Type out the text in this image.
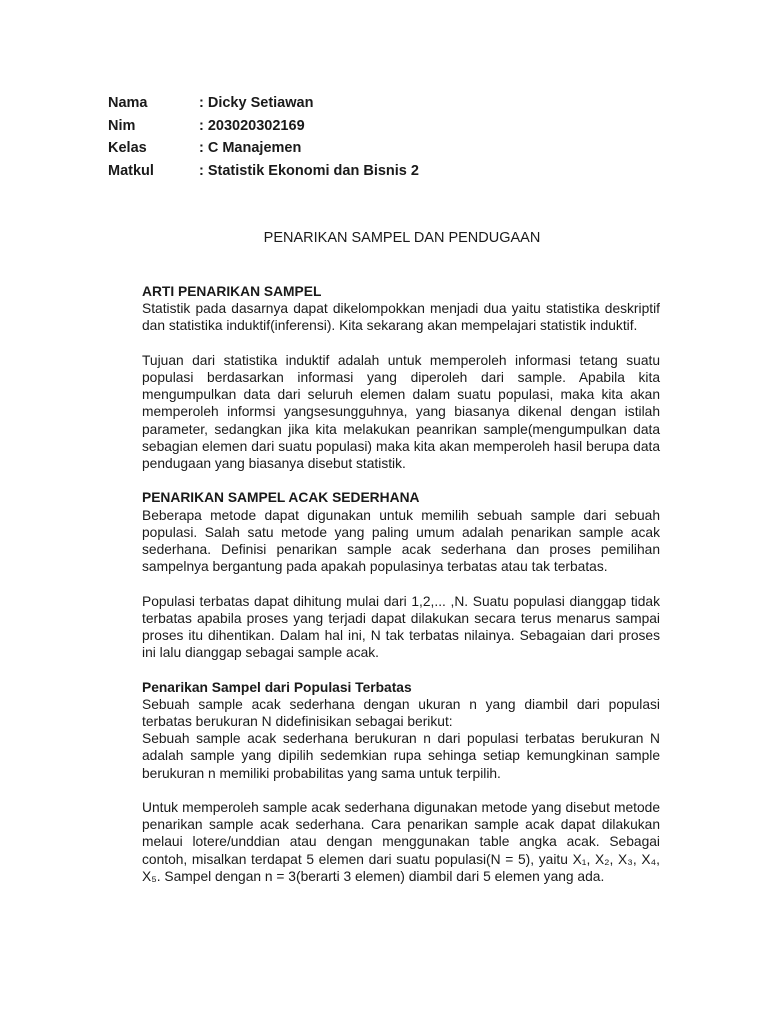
Nama	: Dicky Setiawan
Nim	: 203020302169
Kelas	: C Manajemen
Matkul	: Statistik Ekonomi dan Bisnis 2
PENARIKAN SAMPEL DAN PENDUGAAN
ARTI PENARIKAN SAMPEL

Statistik pada dasarnya dapat dikelompokkan menjadi dua yaitu statistika deskriptif dan statistika induktif(inferensi). Kita sekarang akan mempelajari statistik induktif.

Tujuan dari statistika induktif adalah untuk memperoleh informasi tetang suatu populasi berdasarkan informasi yang diperoleh dari sample. Apabila kita mengumpulkan data dari seluruh elemen dalam suatu populasi, maka kita akan memperoleh informsi yangsesungguhnya, yang biasanya dikenal dengan istilah parameter, sedangkan jika kita melakukan peanrikan sample(mengumpulkan data sebagian elemen dari suatu populasi) maka kita akan memperoleh hasil berupa data pendugaan yang biasanya disebut statistik.

PENARIKAN SAMPEL ACAK SEDERHANA

Beberapa metode dapat digunakan untuk memilih sebuah sample dari sebuah populasi. Salah satu metode yang paling umum adalah penarikan sample acak sederhana. Definisi penarikan sample acak sederhana dan proses pemilihan sampelnya bergantung pada apakah populasinya terbatas atau tak terbatas.

Populasi terbatas dapat dihitung mulai dari 1,2,... ,N. Suatu populasi dianggap tidak terbatas apabila proses yang terjadi dapat dilakukan secara terus menarus sampai proses itu dihentikan. Dalam hal ini, N tak terbatas nilainya. Sebagaian dari proses ini lalu dianggap sebagai sample acak.

Penarikan Sampel dari Populasi Terbatas

Sebuah sample acak sederhana dengan ukuran n yang diambil dari populasi terbatas berukuran N didefinisikan sebagai berikut:

Sebuah sample acak sederhana berukuran n dari populasi terbatas berukuran N adalah sample yang dipilih sedemkian rupa sehinga setiap kemungkinan sample berukuran n memiliki probabilitas yang sama untuk terpilih.

Untuk memperoleh sample acak sederhana digunakan metode yang disebut metode penarikan sample acak sederhana. Cara penarikan sample acak dapat dilakukan melaui lotere/unddian atau dengan menggunakan table angka acak. Sebagai contoh, misalkan terdapat 5 elemen dari suatu populasi(N = 5), yaitu X₁, X₂, X₃, X₄, X₅. Sampel dengan n = 3(berarti 3 elemen) diambil dari 5 elemen yang ada.
